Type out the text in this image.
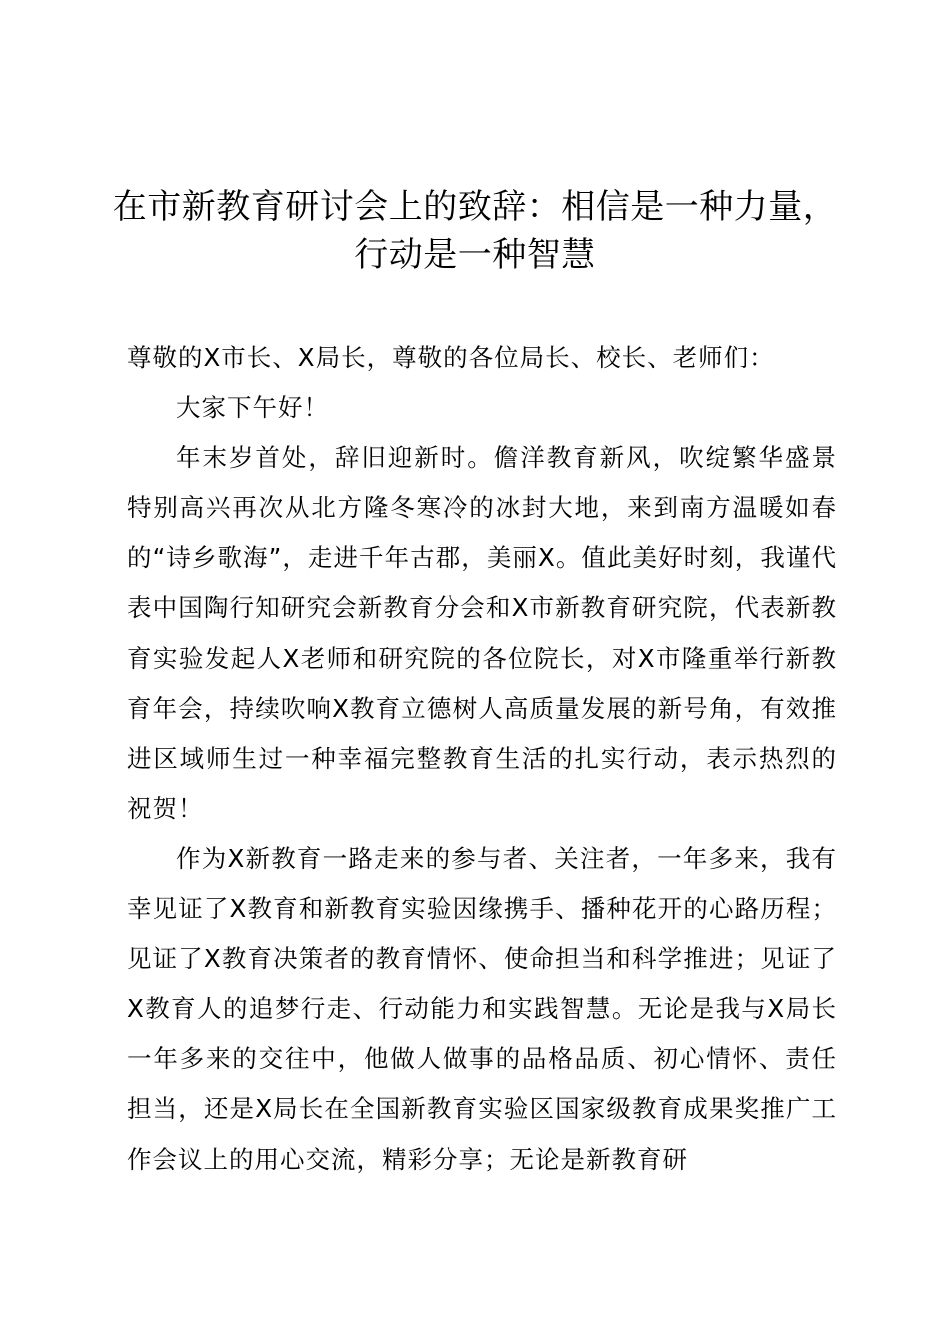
在市新教育研讨会上的致辞：相信是一种力量，
行动是一种智慧

尊敬的X市长、X局长，尊敬的各位局长、校长、老师们：

大家下午好！

年末岁首处，辞旧迎新时。儋洋教育新风，吹绽繁华盛景特别高兴再次从北方隆冬寒冷的冰封大地，来到南方温暖如春的“诗乡歌海”，走进千年古郡，美丽X。值此美好时刻，我谨代表中国陶行知研究会新教育分会和X市新教育研究院，代表新教育实验发起人X老师和研究院的各位院长，对X市隆重举行新教育年会，持续吹响X教育立德树人高质量发展的新号角，有效推进区域师生过一种幸福完整教育生活的扎实行动，表示热烈的祝贺！

作为X新教育一路走来的参与者、关注者，一年多来，我有幸见证了X教育和新教育实验因缘携手、播种花开的心路历程；见证了X教育决策者的教育情怀、使命担当和科学推进；见证了X教育人的追梦行走、行动能力和实践智慧。无论是我与X局长一年多来的交往中，他做人做事的品格品质、初心情怀、责任担当，还是X局长在全国新教育实验区国家级教育成果奖推广工作会议上的用心交流，精彩分享；无论是新教育研
